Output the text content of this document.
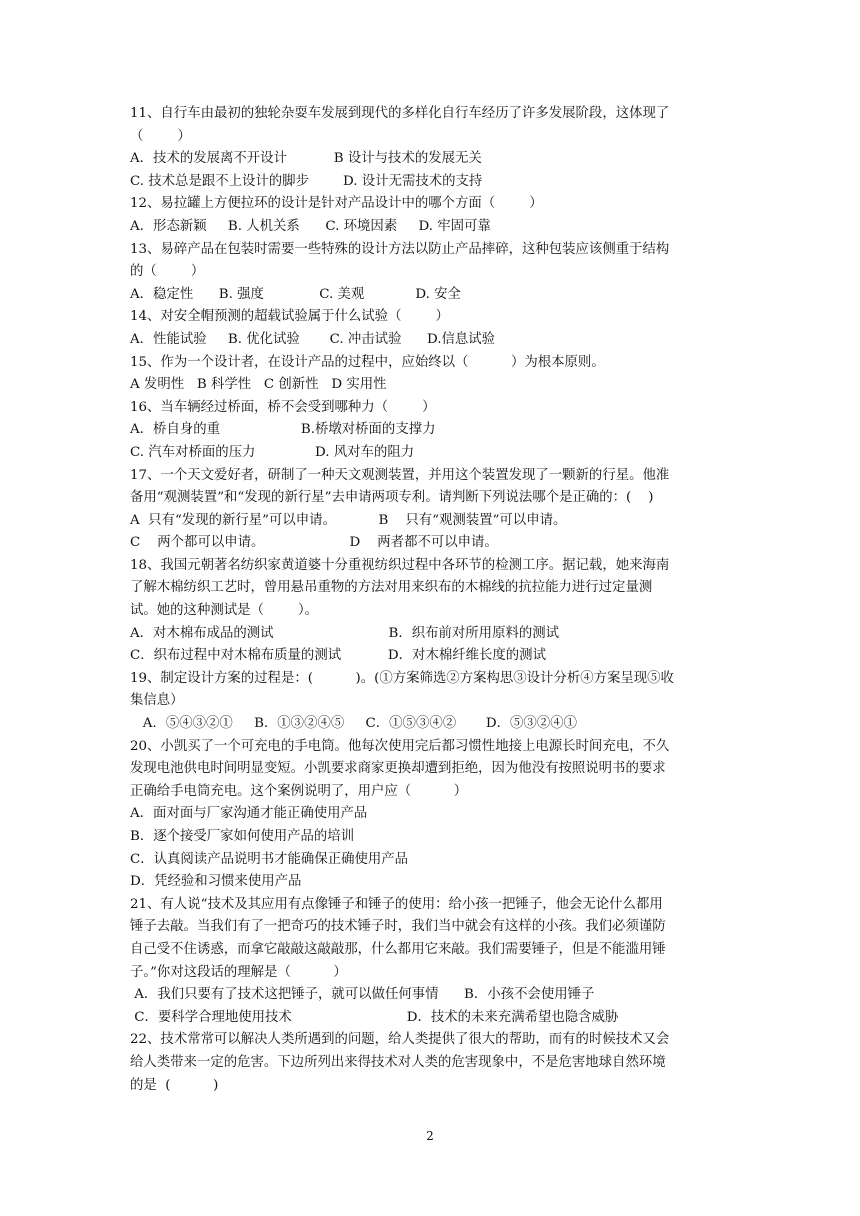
11、自行车由最初的独轮杂耍车发展到现代的多样化自行车经历了许多发展阶段，这体现了
（        ）
A．技术的发展离不开设计           B 设计与技术的发展无关
C. 技术总是跟不上设计的脚步        D. 设计无需技术的支持
12、易拉罐上方便拉环的设计是针对产品设计中的哪个方面（        ）
A．形态新颖     B. 人机关系      C. 环境因素     D. 牢固可靠
13、易碎产品在包装时需要一些特殊的设计方法以防止产品摔碎，这种包装应该侧重于结构
的（        ）
A．稳定性      B. 强度             C. 美观            D. 安全
14、对安全帽预测的超载试验属于什么试验（        ）
A．性能试验     B. 优化试验       C. 冲击试验      D.信息试验
15、作为一个设计者，在设计产品的过程中，应始终以（          ）为根本原则。
A 发明性   B 科学性   C 创新性   D 实用性
16、当车辆经过桥面，桥不会受到哪种力（        ）
A．桥自身的重                   B.桥墩对桥面的支撑力
C. 汽车对桥面的压力              D. 风对车的阻力
17、一个天文爱好者，研制了一种天文观测装置，并用这个装置发现了一颗新的行星。他准
备用“观测装置”和“发现的新行星”去申请两项专利。请判断下列说法哪个是正确的：(    )
A  只有“发现的新行星”可以申请。          B    只有“观测装置”可以申请。
C    两个都可以申请。                    D    两者都不可以申请。
18、我国元朝著名纺织家黄道婆十分重视纺织过程中各环节的检测工序。据记载，她来海南
了解木棉纺织工艺时，曾用悬吊重物的方法对用来织布的木棉线的抗拉能力进行过定量测
试。她的这种测试是（        ）。
A．对木棉布成品的测试                           B．织布前对所用原料的测试
C．织布过程中对木棉布质量的测试           D．对木棉纤维长度的测试
19、制定设计方案的过程是：(          )。(①方案筛选②方案构思③设计分析④方案呈现⑤收
集信息）
A．⑤④③②①     B．①③②④⑤     C．①⑤③④②       D．⑤③②④①
20、小凯买了一个可充电的手电筒。他每次使用完后都习惯性地接上电源长时间充电，不久
发现电池供电时间明显变短。小凯要求商家更换却遭到拒绝，因为他没有按照说明书的要求
正确给手电筒充电。这个案例说明了，用户应（          ）
A．面对面与厂家沟通才能正确使用产品
B．逐个接受厂家如何使用产品的培训
C．认真阅读产品说明书才能确保正确使用产品
D．凭经验和习惯来使用产品
21、有人说“技术及其应用有点像锤子和锤子的使用：给小孩一把锤子，他会无论什么都用
锤子去敲。当我们有了一把奇巧的技术锤子时，我们当中就会有这样的小孩。我们必须谨防
自己受不住诱惑，而拿它敲敲这敲敲那，什么都用它来敲。我们需要锤子，但是不能滥用锤
子。”你对这段话的理解是（          ）
A．我们只要有了技术这把锤子，就可以做任何事情      B．小孩不会使用锤子
C．要科学合理地使用技术                           D．技术的未来充满希望也隐含威胁
22、技术常常可以解决人类所遇到的问题，给人类提供了很大的帮助，而有的时候技术又会
给人类带来一定的危害。下边所列出来得技术对人类的危害现象中，不是危害地球自然环境
的是  (          )
2
